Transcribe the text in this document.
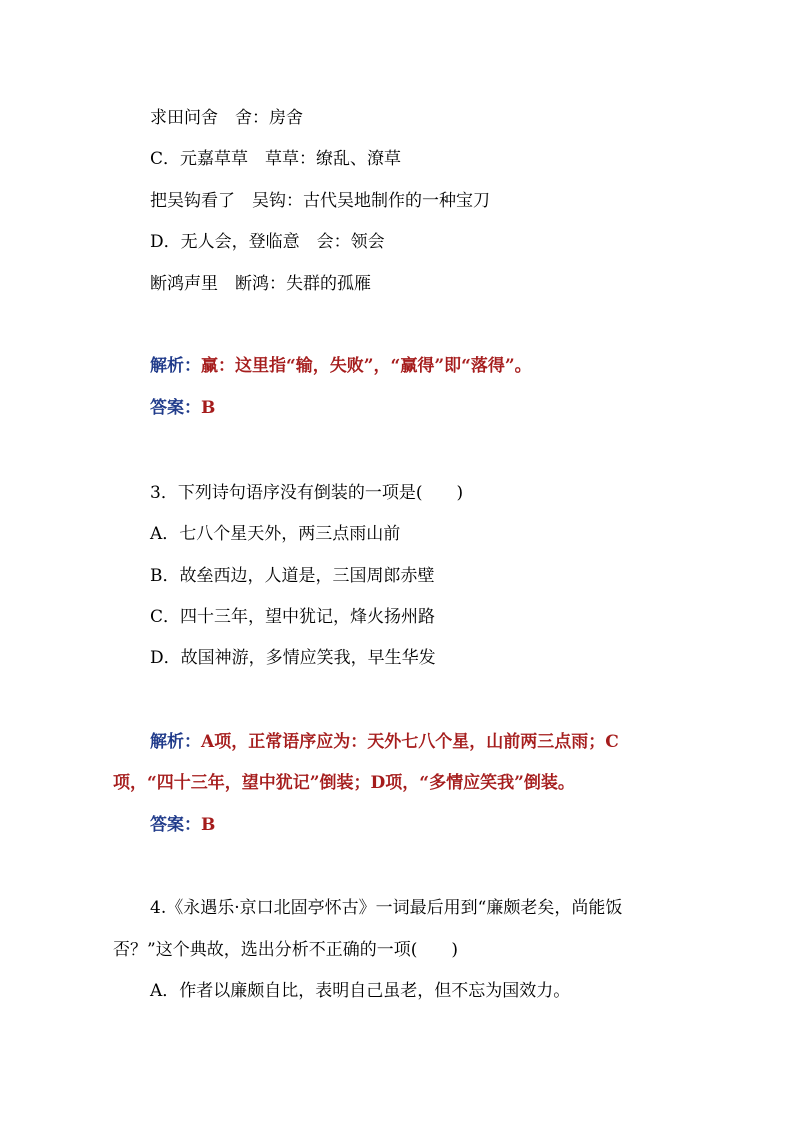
求田问舍　舍：房舍
C．元嘉草草　草草：缭乱、潦草
把吴钩看了　吴钩：古代吴地制作的一种宝刀
D．无人会，登临意　会：领会
断鸿声里　断鸿：失群的孤雁
解析：赢：这里指“输，失败”，“赢得”即“落得”。
答案：B
3．下列诗句语序没有倒装的一项是(　　)
A．七八个星天外，两三点雨山前
B．故垒西边，人道是，三国周郎赤壁
C．四十三年，望中犹记，烽火扬州路
D．故国神游，多情应笑我，早生华发
解析：A项，正常语序应为：天外七八个星，山前两三点雨；C
项，“四十三年，望中犹记”倒装；D项，“多情应笑我”倒装。
答案：B
4.《永遇乐·京口北固亭怀古》一词最后用到“廉颇老矣，尚能饭
否？”这个典故，选出分析不正确的一项(　　)
A．作者以廉颇自比，表明自己虽老，但不忘为国效力。
